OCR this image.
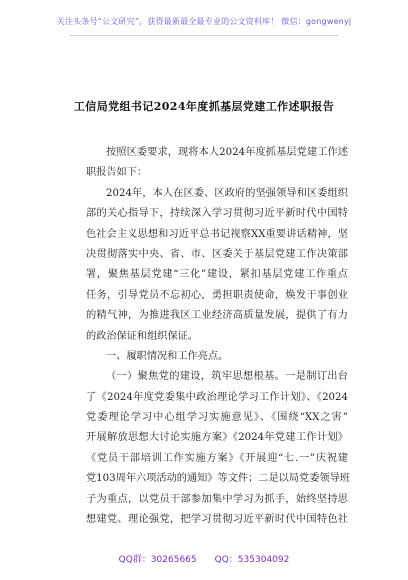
关注头条号“公文研究”，获得最新最全最专业的公文资料库！ 微信：gongwenyj
工信局党组书记2024年度抓基层党建工作述职报告
按照区委要求，现将本人2024年度抓基层党建工作述
职报告如下：
2024年，本人在区委、区政府的坚强领导和区委组织
部的关心指导下，持续深入学习贯彻习近平新时代中国特
色社会主义思想和习近平总书记视察XX重要讲话精神，坚
决贯彻落实中央、省、市、区委关于基层党建工作决策部
署，聚焦基层党建“三化”建设，紧扣基层党建工作重点
任务，引导党员不忘初心，勇担职责使命，焕发干事创业
的精气神，为推进我区工业经济高质量发展，提供了有力
的政治保证和组织保证。
一、履职情况和工作亮点。
（一）聚焦党的建设，筑牢思想根基。一是制订出台
了《2024年度党委集中政治理论学习工作计划》、《2024
党委理论学习中心组学习实施意见》、《围绕“XX之害”
开展解放思想大讨论实施方案》《2024年党建工作计划》
《党员干部培训工作实施方案》《开展迎“七.一”庆祝建
党103周年六项活动的通知》等文件；二是以局党委领导班
子为重点，以党员干部参加集中学习为抓手，始终坚持思
想建党、理论强党，把学习贯彻习近平新时代中国特色社
QQ群：30265665 QQ：535304092
